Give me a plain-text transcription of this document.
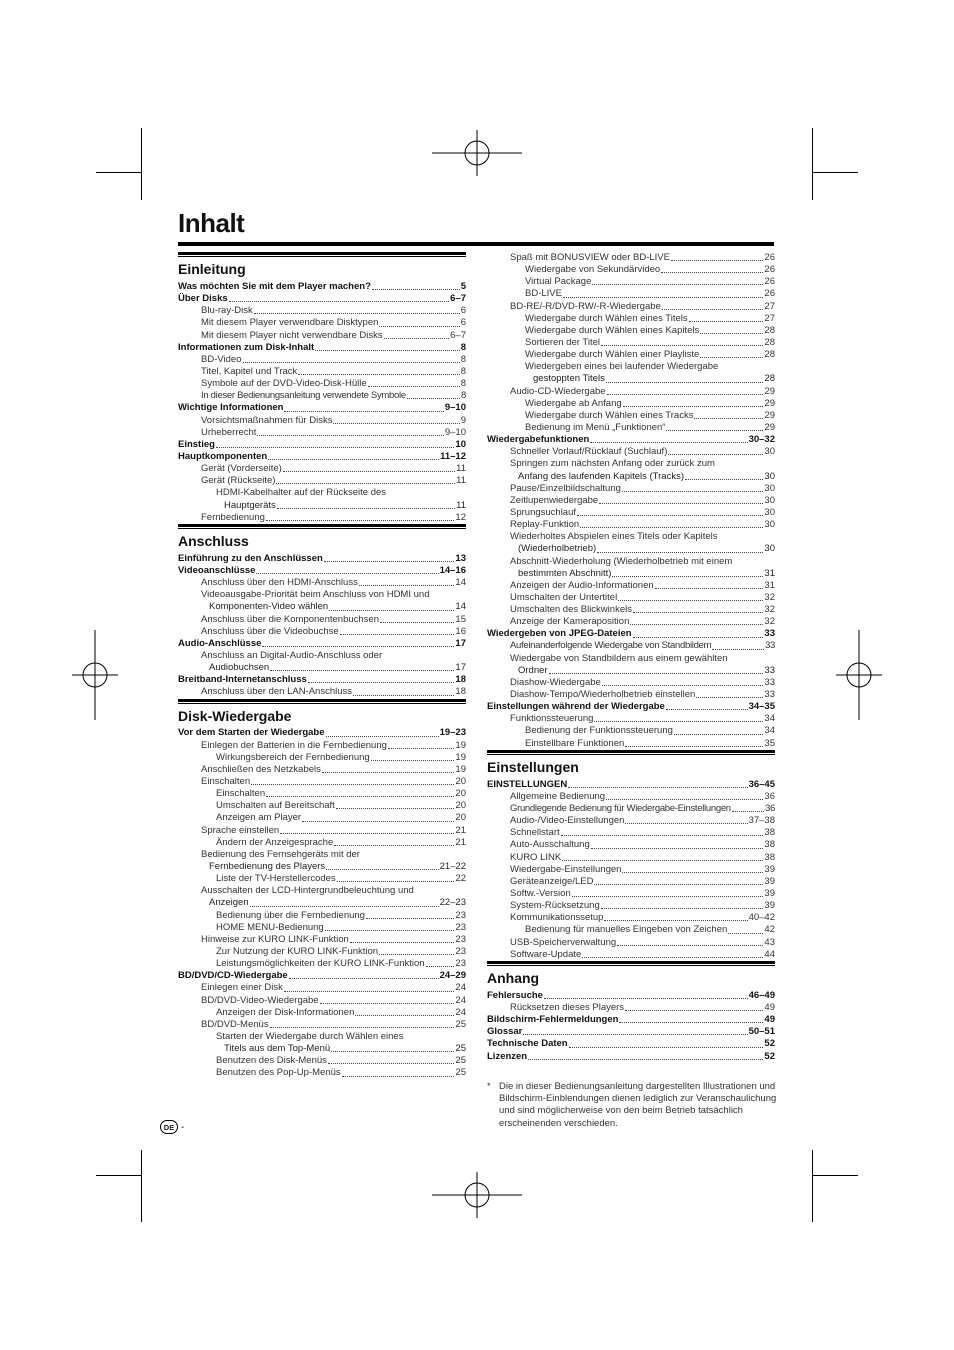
Inhalt
Einleitung
Was möchten Sie mit dem Player machen?	5
Über Disks	6–7
Blu-ray-Disk	6
Mit diesem Player verwendbare Disktypen	6
Mit diesem Player nicht verwendbare Disks	6–7
Informationen zum Disk-Inhalt	8
BD-Video	8
Titel, Kapitel und Track	8
Symbole auf der DVD-Video-Disk-Hülle	8
In dieser Bedienungsanleitung verwendete Symbole	8
Wichtige Informationen	9–10
Vorsichtsmaßnahmen für Disks	9
Urheberrecht	9–10
Einstieg	10
Hauptkomponenten	11–12
Gerät (Vorderseite)	11
Gerät (Rückseite)	11
HDMI-Kabelhalter auf der Rückseite des
Hauptgeräts	11
Fernbedienung	12
Anschluss
Einführung zu den Anschlüssen	13
Videoanschlüsse	14–16
Anschluss über den HDMI-Anschluss	14
Videoausgabe-Priorität beim Anschluss von HDMI und
Komponenten-Video wählen	14
Anschluss über die Komponentenbuchsen	15
Anschluss über die Videobuchse	16
Audio-Anschlüsse	17
Anschluss an Digital-Audio-Anschluss oder
Audiobuchsen	17
Breitband-Internetanschluss	18
Anschluss über den LAN-Anschluss	18
Disk-Wiedergabe
Vor dem Starten der Wiedergabe	19–23
Einlegen der Batterien in die Fernbedienung	19
Wirkungsbereich der Fernbedienung	19
Anschließen des Netzkabels	19
Einschalten	20
Einschalten	20
Umschalten auf Bereitschaft	20
Anzeigen am Player	20
Sprache einstellen	21
Ändern der Anzeigesprache	21
Bedienung des Fernsehgeräts mit der
Fernbedienung des Players	21–22
Liste der TV-Herstellercodes	22
Ausschalten der LCD-Hintergrundbeleuchtung und
Anzeigen	22–23
Bedienung über die Fernbedienung	23
HOME MENU-Bedienung	23
Hinweise zur KURO LINK-Funktion	23
Zur Nutzung der KURO LINK-Funktion	23
Leistungsmöglichkeiten der KURO LINK-Funktion	23
BD/DVD/CD-Wiedergabe	24–29
Einlegen einer Disk	24
BD/DVD-Video-Wiedergabe	24
Anzeigen der Disk-Informationen	24
BD/DVD-Menüs	25
Starten der Wiedergabe durch Wählen eines
Titels aus dem Top-Menü	25
Benutzen des Disk-Menüs	25
Benutzen des Pop-Up-Menüs	25
Spaß mit BONUSVIEW oder BD-LIVE	26
Wiedergabe von Sekundärvideo	26
Virtual Package	26
BD-LIVE	26
BD-RE/-R/DVD-RW/-R-Wiedergabe	27
Wiedergabe durch Wählen eines Titels	27
Wiedergabe durch Wählen eines Kapitels	28
Sortieren der Titel	28
Wiedergabe durch Wählen einer Playliste	28
Wiedergeben eines bei laufender Wiedergabe
gestoppten Titels	28
Audio-CD-Wiedergabe	29
Wiedergabe ab Anfang	29
Wiedergabe durch Wählen eines Tracks	29
Bedienung im Menü „Funktionen“	29
Wiedergabefunktionen	30–32
Schneller Vorlauf/Rücklauf (Suchlauf)	30
Springen zum nächsten Anfang oder zurück zum
Anfang des laufenden Kapitels (Tracks)	30
Pause/Einzelbildschaltung	30
Zeitlupenwiedergabe	30
Sprungsuchlauf	30
Replay-Funktion	30
Wiederholtes Abspielen eines Titels oder Kapitels
(Wiederholbetrieb)	30
Abschnitt-Wiederholung (Wiederholbetrieb mit einem
bestimmten Abschnitt)	31
Anzeigen der Audio-Informationen	31
Umschalten der Untertitel	32
Umschalten des Blickwinkels	32
Anzeige der Kameraposition	32
Wiedergeben von JPEG-Dateien	33
Aufeinanderfolgende Wiedergabe von Standbildern	33
Wiedergabe von Standbildern aus einem gewählten
Ordner	33
Diashow-Wiedergabe	33
Diashow-Tempo/Wiederholbetrieb einstellen	33
Einstellungen während der Wiedergabe	34–35
Funktionssteuerung	34
Bedienung der Funktionssteuerung	34
Einstellbare Funktionen	35
Einstellungen
EINSTELLUNGEN	36–45
Allgemeine Bedienung	36
Grundlegende Bedienung für Wiedergabe-Einstellungen	36
Audio-/Video-Einstellungen	37–38
Schnellstart	38
Auto-Ausschaltung	38
KURO LINK	38
Wiedergabe-Einstellungen	39
Geräteanzeige/LED	39
Softw.-Version	39
System-Rücksetzung	39
Kommunikationssetup	40–42
Bedienung für manuelles Eingeben von Zeichen	42
USB-Speicherverwaltung	43
Software-Update	44
Anhang
Fehlersuche	46–49
Rücksetzen dieses Players	49
Bildschirm-Fehlermeldungen	49
Glossar	50–51
Technische Daten	52
Lizenzen	52
* Die in dieser Bedienungsanleitung dargestellten Illustrationen und Bildschirm-Einblendungen dienen lediglich zur Veranschaulichung und sind möglicherweise von den beim Betrieb tatsächlich erscheinenden verschieden.
DE -
